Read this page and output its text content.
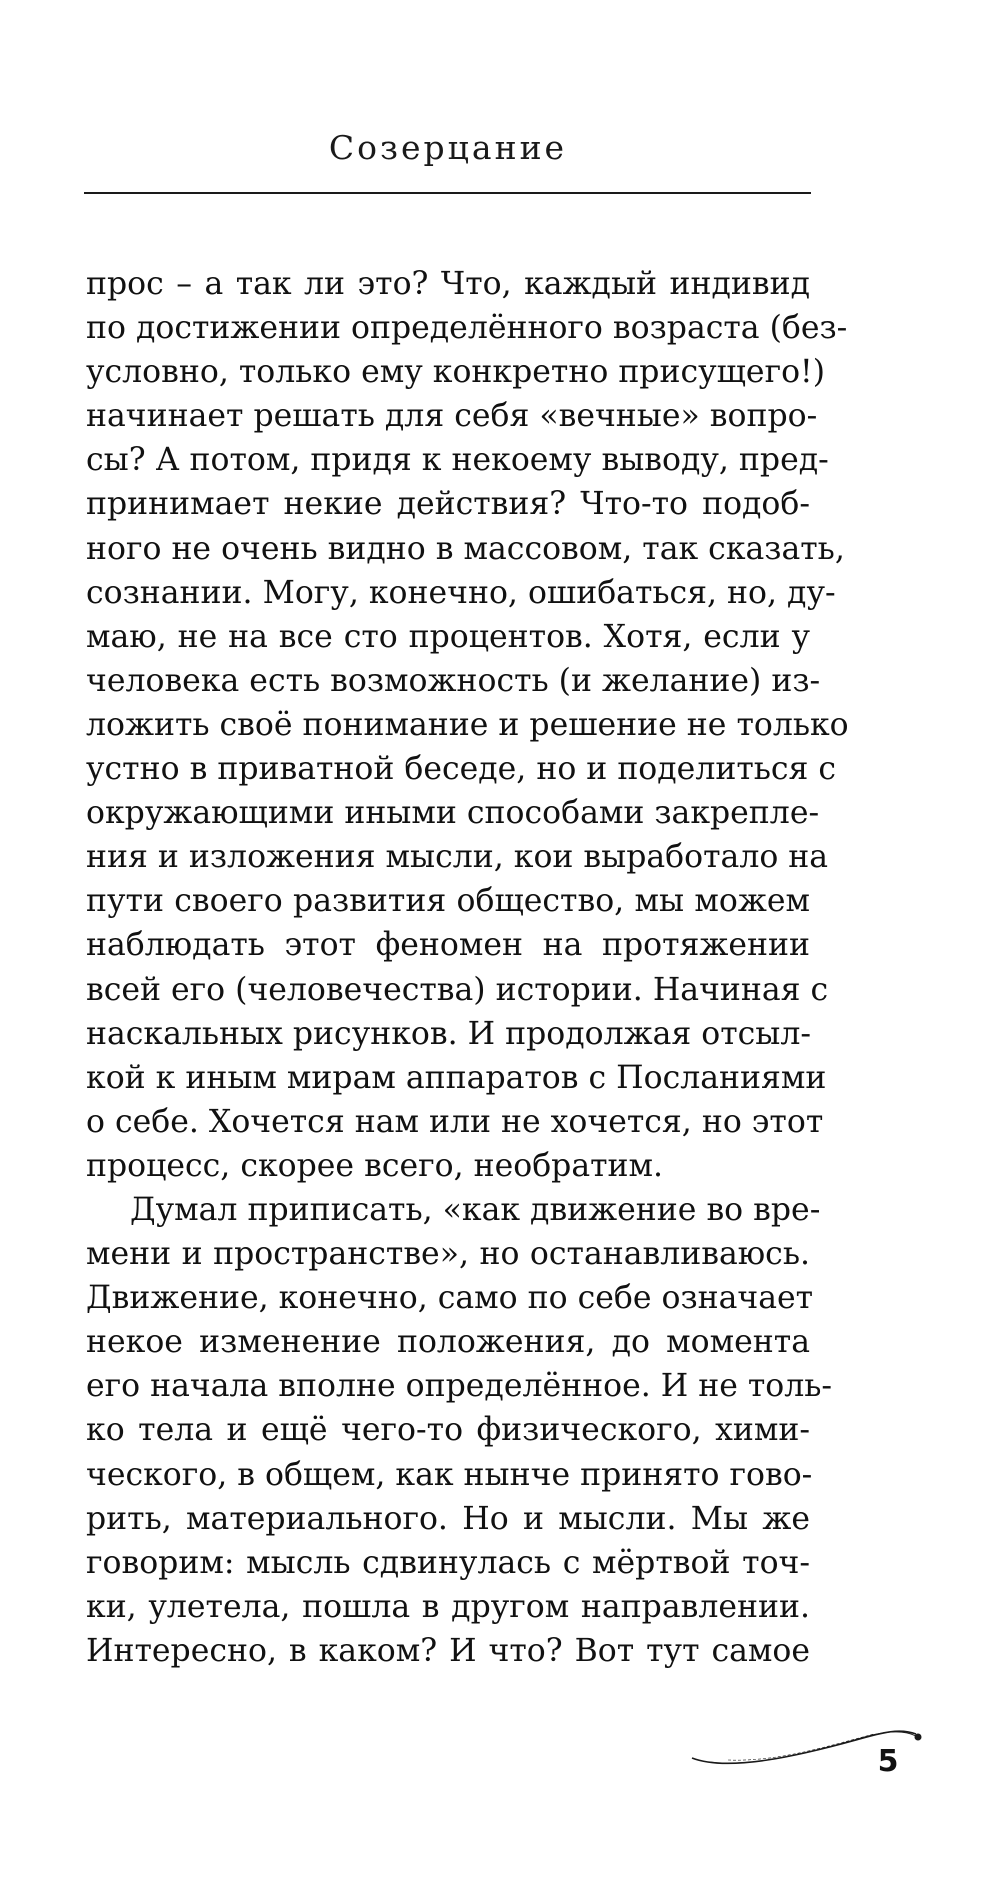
Созерцание
прос – а так ли это? Что, каждый индивид
по достижении определённого возраста (без-
условно, только ему конкретно присущего!)
начинает решать для себя «вечные» вопро-
сы? А потом, придя к некоему выводу, пред-
принимает некие действия? Что-то подоб-
ного не очень видно в массовом, так сказать,
сознании. Могу, конечно, ошибаться, но, ду-
маю, не на все сто процентов. Хотя, если у
человека есть возможность (и желание) из-
ложить своё понимание и решение не только
устно в приватной беседе, но и поделиться с
окружающими иными способами закрепле-
ния и изложения мысли, кои выработало на
пути своего развития общество, мы можем
наблюдать этот феномен на протяжении
всей его (человечества) истории. Начиная с
наскальных рисунков. И продолжая отсыл-
кой к иным мирам аппаратов с Посланиями
о себе. Хочется нам или не хочется, но этот
процесс, скорее всего, необратим.
Думал приписать, «как движение во вре-
мени и пространстве», но останавливаюсь.
Движение, конечно, само по себе означает
некое изменение положения, до момента
его начала вполне определённое. И не толь-
ко тела и ещё чего-то физического, хими-
ческого, в общем, как нынче принято гово-
рить, материального. Но и мысли. Мы же
говорим: мысль сдвинулась с мёртвой точ-
ки, улетела, пошла в другом направлении.
Интересно, в каком? И что? Вот тут самое
5
